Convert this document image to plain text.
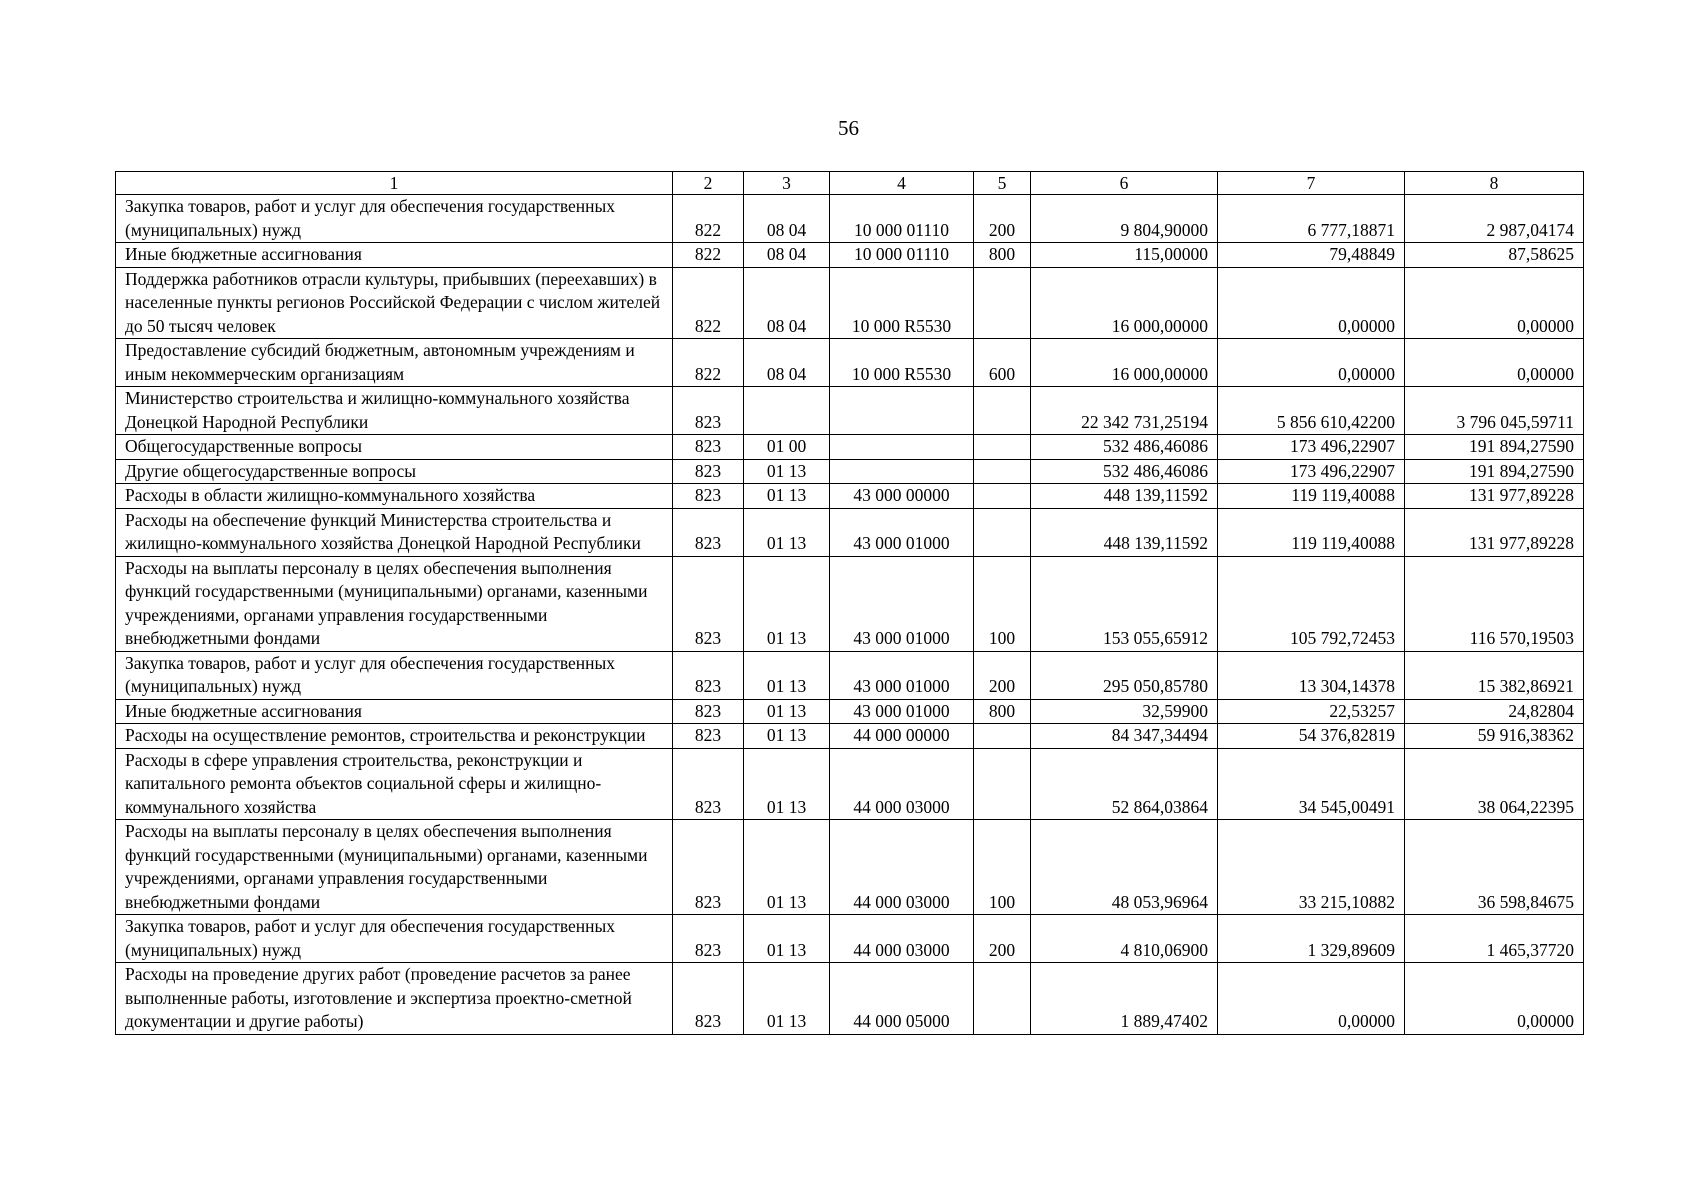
56
1	2	3	4	5	6	7	8
Закупка товаров, работ и услуг для обеспечения государственных (муниципальных) нужд	822	08 04	10 000 01110	200	9 804,90000	6 777,18871	2 987,04174
Иные бюджетные ассигнования	822	08 04	10 000 01110	800	115,00000	79,48849	87,58625
Поддержка работников отрасли культуры, прибывших (переехавших) в населенные пункты регионов Российской Федерации с числом жителей до 50 тысяч человек	822	08 04	10 000 R5530		16 000,00000	0,00000	0,00000
Предоставление субсидий бюджетным, автономным учреждениям и иным некоммерческим организациям	822	08 04	10 000 R5530	600	16 000,00000	0,00000	0,00000
Министерство строительства и жилищно-коммунального хозяйства Донецкой Народной Республики	823				22 342 731,25194	5 856 610,42200	3 796 045,59711
Общегосударственные вопросы	823	01 00			532 486,46086	173 496,22907	191 894,27590
Другие общегосударственные вопросы	823	01 13			532 486,46086	173 496,22907	191 894,27590
Расходы в области жилищно-коммунального хозяйства	823	01 13	43 000 00000		448 139,11592	119 119,40088	131 977,89228
Расходы на обеспечение функций Министерства строительства и жилищно-коммунального хозяйства Донецкой Народной Республики	823	01 13	43 000 01000		448 139,11592	119 119,40088	131 977,89228
Расходы на выплаты персоналу в целях обеспечения выполнения функций государственными (муниципальными) органами, казенными учреждениями, органами управления государственными внебюджетными фондами	823	01 13	43 000 01000	100	153 055,65912	105 792,72453	116 570,19503
Закупка товаров, работ и услуг для обеспечения государственных (муниципальных) нужд	823	01 13	43 000 01000	200	295 050,85780	13 304,14378	15 382,86921
Иные бюджетные ассигнования	823	01 13	43 000 01000	800	32,59900	22,53257	24,82804
Расходы на осуществление ремонтов, строительства и реконструкции	823	01 13	44 000 00000		84 347,34494	54 376,82819	59 916,38362
Расходы в сфере управления строительства, реконструкции и капитального ремонта объектов социальной сферы и жилищно-коммунального хозяйства	823	01 13	44 000 03000		52 864,03864	34 545,00491	38 064,22395
Расходы на выплаты персоналу в целях обеспечения выполнения функций государственными (муниципальными) органами, казенными учреждениями, органами управления государственными внебюджетными фондами	823	01 13	44 000 03000	100	48 053,96964	33 215,10882	36 598,84675
Закупка товаров, работ и услуг для обеспечения государственных (муниципальных) нужд	823	01 13	44 000 03000	200	4 810,06900	1 329,89609	1 465,37720
Расходы на проведение других работ (проведение расчетов за ранее выполненные работы, изготовление и экспертиза проектно-сметной документации и другие работы)	823	01 13	44 000 05000		1 889,47402	0,00000	0,00000
